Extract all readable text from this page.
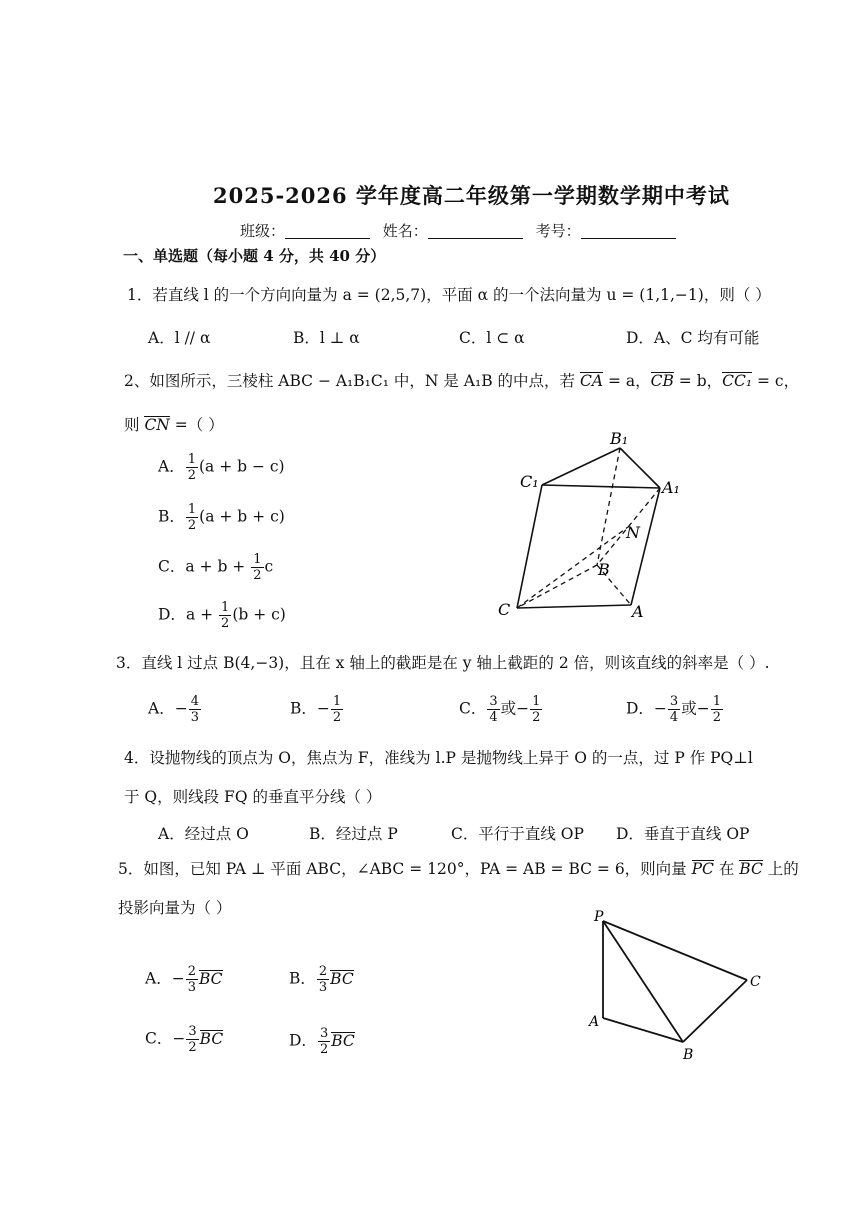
2025-2026 学年度高二年级第一学期数学期中考试
班级：	姓名：	考号：
一、单选题（每小题 4 分，共 40 分）
1．若直线 l 的一个方向向量为 a = (2,5,7)，平面 α 的一个法向量为 u = (1,1,−1)，则（ ）
A．l // α	B．l ⊥ α	C．l ⊂ α	D．A、C 均有可能
2、如图所示，三棱柱 ABC − A₁B₁C₁ 中，N 是 A₁B 的中点，若 CA = a，CB = b，CC₁ = c，
则 CN =（ ）
A． $\frac{1}{2} (a + b - c)$
B． $\frac{1}{2} (a + b + c)$
C．$a + b + \frac{1}{2}$ c
D．$a + \frac{1}{2} (b + c)$
B₁
C₁	A₁
N
B
C	A
3．直线 l 过点 B(4,−3)，且在 x 轴上的截距是在 y 轴上截距的 2 倍，则该直线的斜率是（ ）.
A．− $\frac{4}{3}$	B．− $\frac{1}{2}$	C． $\frac{3}{4}$ 或− $\frac{1}{2}$	D．− $\frac{3}{4}$ 或− $\frac{1}{2}$
4．设抛物线的顶点为 O，焦点为 F，准线为 l.P 是抛物线上异于 O 的一点，过 P 作 PQ⊥l
于 Q，则线段 FQ 的垂直平分线（ ）
A．经过点 O	B．经过点 P	C．平行于直线 OP D．垂直于直线 OP
5．如图，已知 PA ⊥ 平面 ABC，∠ABC = 120°，PA = AB = BC = 6，则向量 PC 在 BC 上的
投影向量为（ ）
A．− $\frac{2}{3}$ BC	B． $\frac{2}{3}$ BC
C．− $\frac{3}{2}$ BC	D． $\frac{3}{2}$ BC
P
A
B
C
